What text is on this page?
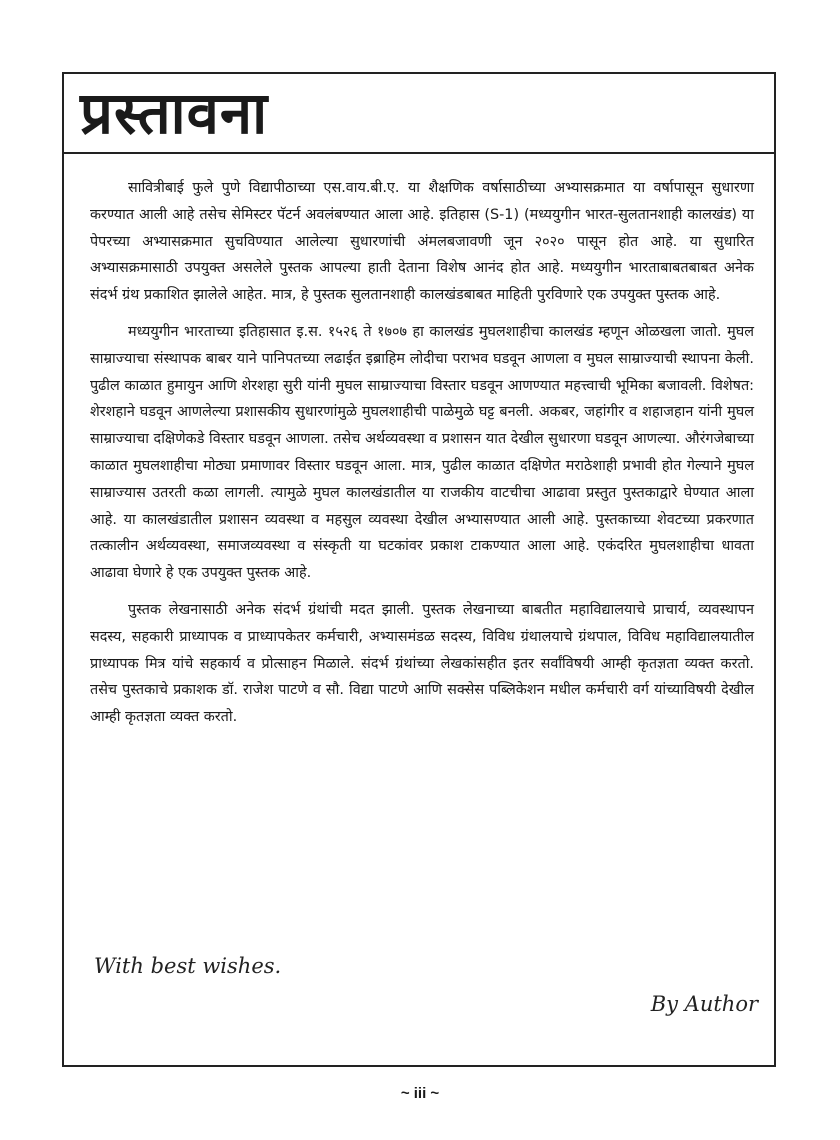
प्रस्तावना

सावित्रीबाई फुले पुणे विद्यापीठाच्या एस.वाय.बी.ए. या शैक्षणिक वर्षासाठीच्या अभ्यासक्रमात या वर्षापासून सुधारणा करण्यात आली आहे तसेच सेमिस्टर पॅटर्न अवलंबण्यात आला आहे. इतिहास (S-1) (मध्ययुगीन भारत-सुलतानशाही कालखंड) या पेपरच्या अभ्यासक्रमात सुचविण्यात आलेल्या सुधारणांची अंमलबजावणी जून २०२० पासून होत आहे. या सुधारित अभ्यासक्रमासाठी उपयुक्त असलेले पुस्तक आपल्या हाती देताना विशेष आनंद होत आहे. मध्ययुगीन भारताबाबतबाबत अनेक संदर्भ ग्रंथ प्रकाशित झालेले आहेत. मात्र, हे पुस्तक सुलतानशाही कालखंडबाबत माहिती पुरविणारे एक उपयुक्त पुस्तक आहे.

मध्ययुगीन भारताच्या इतिहासात इ.स. १५२६ ते १७०७ हा कालखंड मुघलशाहीचा कालखंड म्हणून ओळखला जातो. मुघल साम्राज्याचा संस्थापक बाबर याने पानिपतच्या लढाईत इब्राहिम लोदीचा पराभव घडवून आणला व मुघल साम्राज्याची स्थापना केली. पुढील काळात हुमायुन आणि शेरशहा सुरी यांनी मुघल साम्राज्याचा विस्तार घडवून आणण्यात महत्त्वाची भूमिका बजावली. विशेषत: शेरशहाने घडवून आणलेल्या प्रशासकीय सुधारणांमुळे मुघलशाहीची पाळेमुळे घट्ट बनली. अकबर, जहांगीर व शहाजहान यांनी मुघल साम्राज्याचा दक्षिणेकडे विस्तार घडवून आणला. तसेच अर्थव्यवस्था व प्रशासन यात देखील सुधारणा घडवून आणल्या. औरंगजेबाच्या काळात मुघलशाहीचा मोठ्या प्रमाणावर विस्तार घडवून आला. मात्र, पुढील काळात दक्षिणेत मराठेशाही प्रभावी होत गेल्याने मुघल साम्राज्यास उतरती कळा लागली. त्यामुळे मुघल कालखंडातील या राजकीय वाटचीचा आढावा प्रस्तुत पुस्तकाद्वारे घेण्यात आला आहे. या कालखंडातील प्रशासन व्यवस्था व महसुल व्यवस्था देखील अभ्यासण्यात आली आहे. पुस्तकाच्या शेवटच्या प्रकरणात तत्कालीन अर्थव्यवस्था, समाजव्यवस्था व संस्कृती या घटकांवर प्रकाश टाकण्यात आला आहे. एकंदरित मुघलशाहीचा धावता आढावा घेणारे हे एक उपयुक्त पुस्तक आहे.

पुस्तक लेखनासाठी अनेक संदर्भ ग्रंथांची मदत झाली. पुस्तक लेखनाच्या बाबतीत महाविद्यालयाचे प्राचार्य, व्यवस्थापन सदस्य, सहकारी प्राध्यापक व प्राध्यापकेतर कर्मचारी, अभ्यासमंडळ सदस्य, विविध ग्रंथालयाचे ग्रंथपाल, विविध महाविद्यालयातील प्राध्यापक मित्र यांचे सहकार्य व प्रोत्साहन मिळाले. संदर्भ ग्रंथांच्या लेखकांसहीत इतर सर्वांविषयी आम्ही कृतज्ञता व्यक्त करतो. तसेच पुस्तकाचे प्रकाशक डॉ. राजेश पाटणे व सौ. विद्या पाटणे आणि सक्सेस पब्लिकेशन मधील कर्मचारी वर्ग यांच्याविषयी देखील आम्ही कृतज्ञता व्यक्त करतो.

With best wishes.

By Author

~ iii ~
